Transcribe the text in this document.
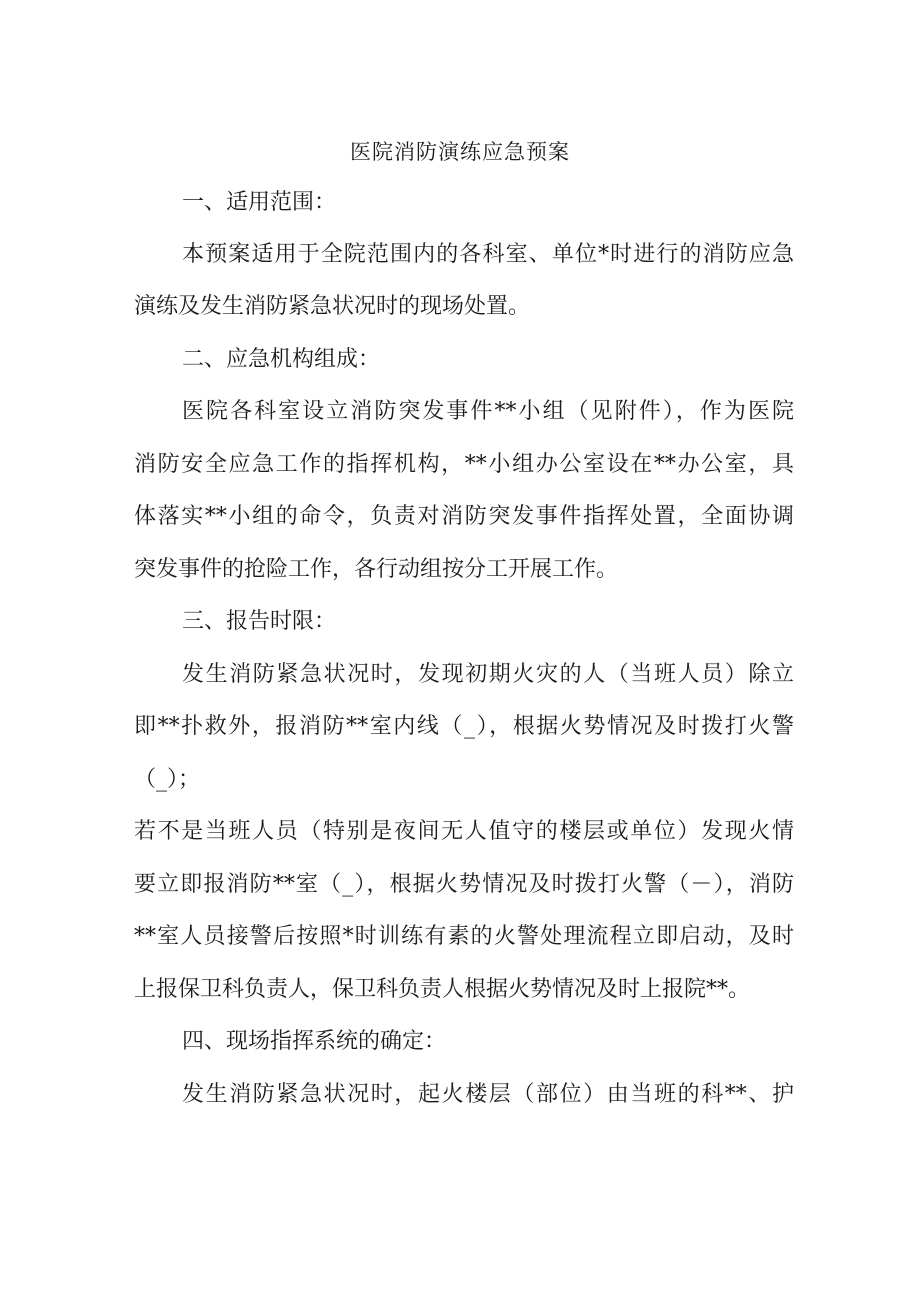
医院消防演练应急预案
一、适用范围：
本预案适用于全院范围内的各科室、单位*时进行的消防应急
演练及发生消防紧急状况时的现场处置。
二、应急机构组成：
医院各科室设立消防突发事件**小组（见附件），作为医院
消防安全应急工作的指挥机构，**小组办公室设在**办公室，具
体落实**小组的命令，负责对消防突发事件指挥处置，全面协调
突发事件的抢险工作，各行动组按分工开展工作。
三、报告时限：
发生消防紧急状况时，发现初期火灾的人（当班人员）除立
即**扑救外，报消防**室内线（_），根据火势情况及时拨打火警
（_）；
若不是当班人员（特别是夜间无人值守的楼层或单位）发现火情
要立即报消防**室（_），根据火势情况及时拨打火警（－），消防
**室人员接警后按照*时训练有素的火警处理流程立即启动，及时
上报保卫科负责人，保卫科负责人根据火势情况及时上报院**。
四、现场指挥系统的确定：
发生消防紧急状况时，起火楼层（部位）由当班的科**、护
